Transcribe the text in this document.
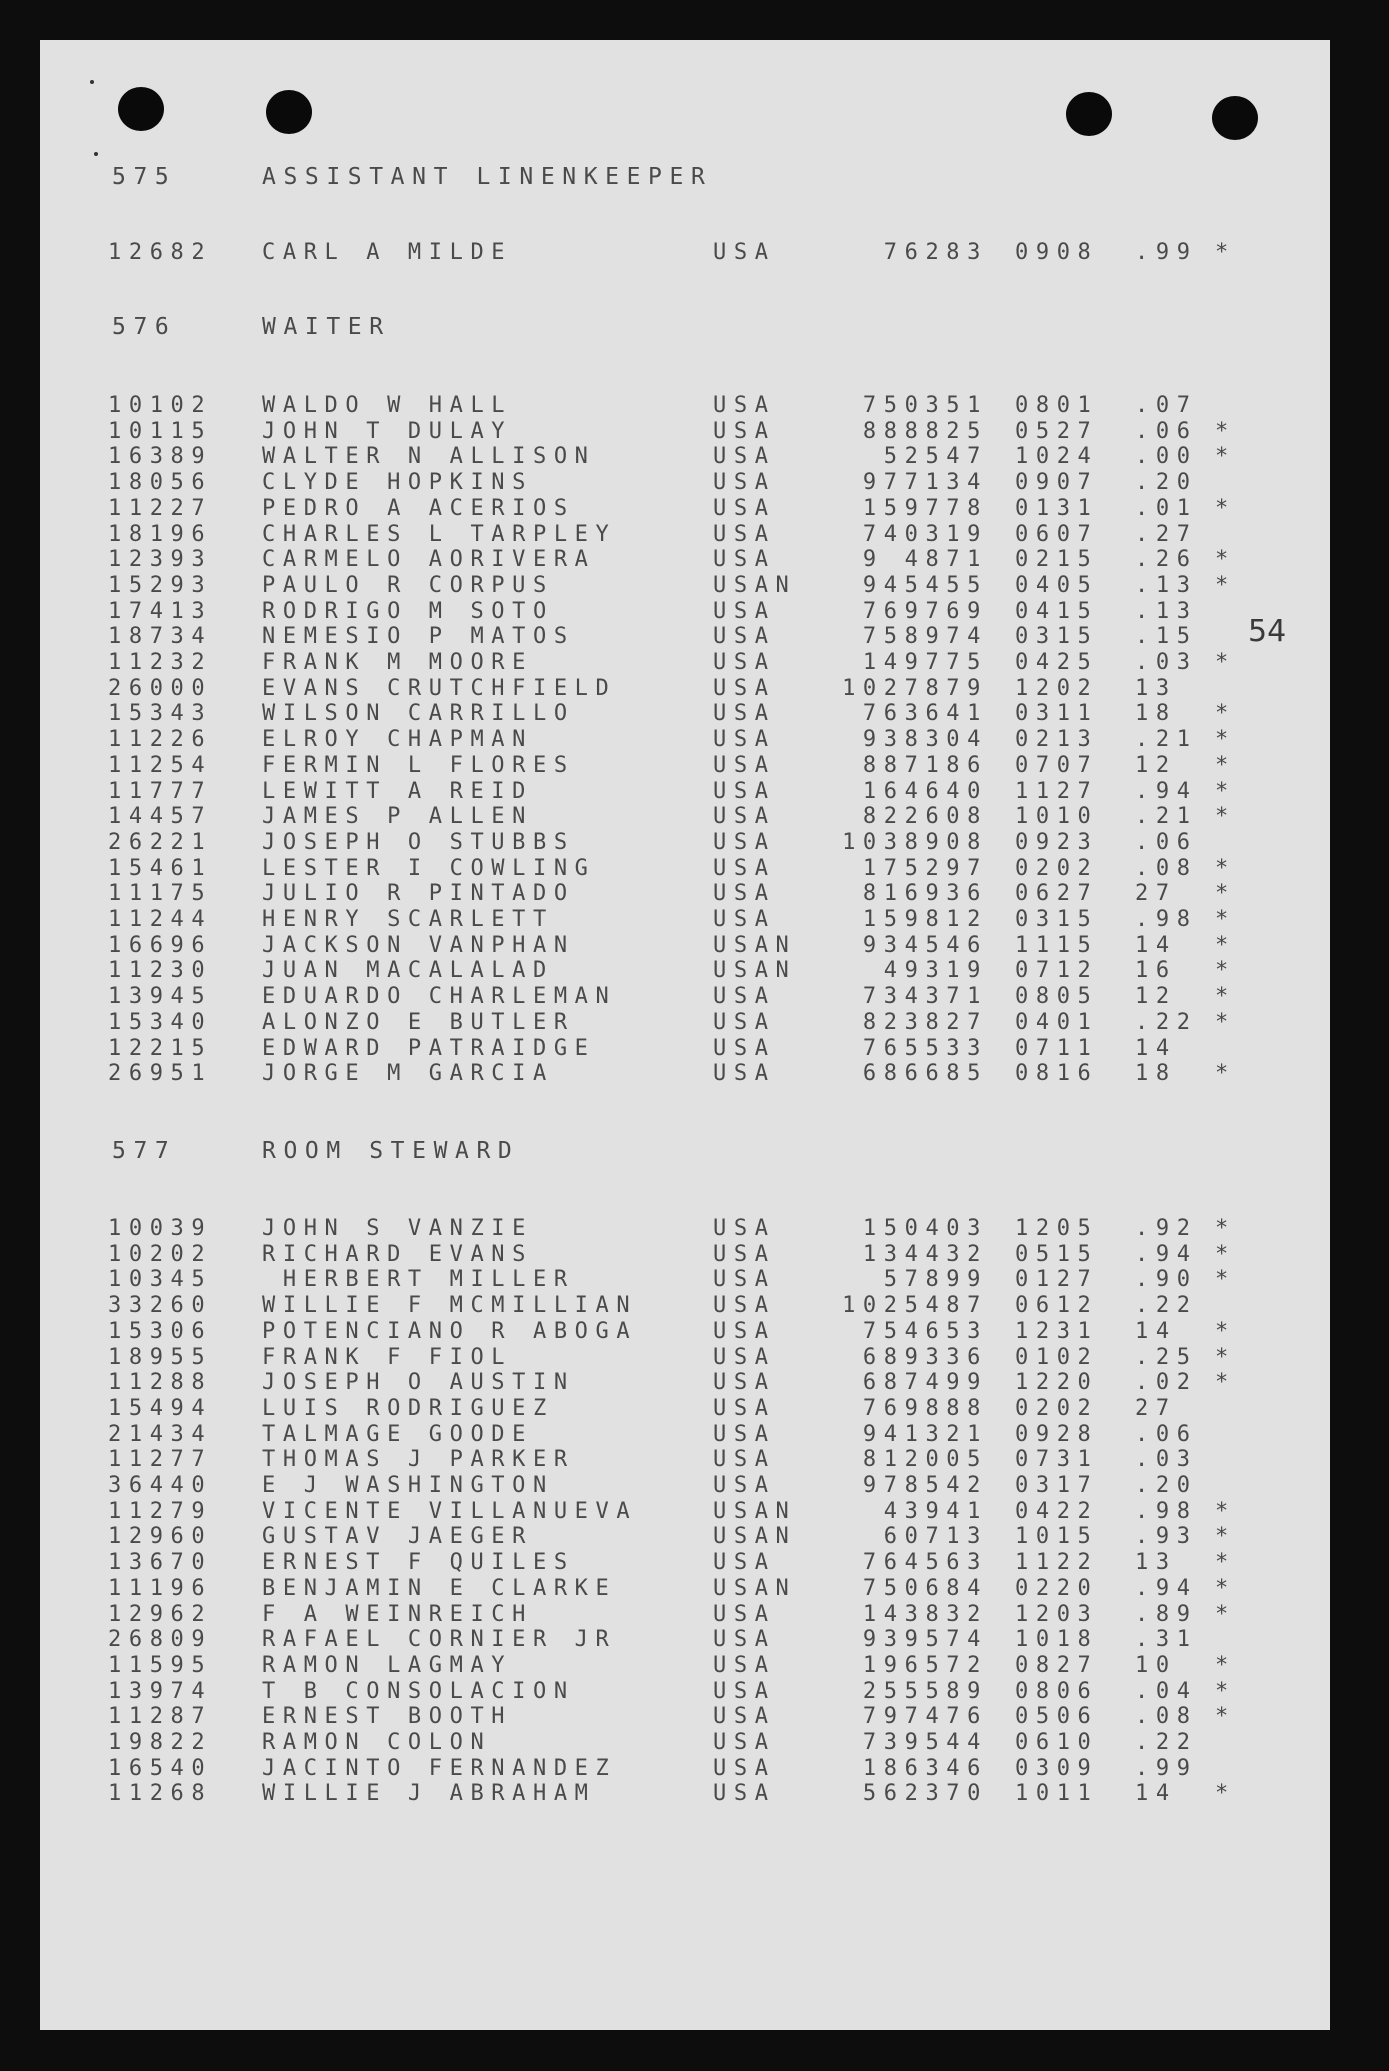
54
575	ASSISTANT LINENKEEPER
12682 CARL A MILDE	USA	76283 0908 .99 *
576	WAITER
10102 WALDO W HALL	USA	750351 0801 .07
10115 JOHN T DULAY	USA	888825 0527 .06 *
16389 WALTER N ALLISON	USA	52547 1024 .00 *
18056 CLYDE HOPKINS	USA	977134 0907 .20
11227 PEDRO A ACERIOS	USA	159778 0131 .01 *
18196 CHARLES L TARPLEY	USA	740319 0607 .27
12393 CARMELO AORIVERA	USA	9 4871 0215 .26 *
15293 PAULO R CORPUS	USAN	945455 0405 .13 *
17413 RODRIGO M SOTO	USA	769769 0415 .13
18734 NEMESIO P MATOS	USA	758974 0315 .15
11232 FRANK M MOORE	USA	149775 0425 .03 *
26000 EVANS CRUTCHFIELD	USA	1027879 1202 13
15343 WILSON CARRILLO	USA	763641 0311 18 *
11226 ELROY CHAPMAN	USA	938304 0213 .21 *
11254 FERMIN L FLORES	USA	887186 0707 12 *
11777 LEWITT A REID	USA	164640 1127 .94 *
14457 JAMES P ALLEN	USA	822608 1010 .21 *
26221 JOSEPH O STUBBS	USA	1038908 0923 .06
15461 LESTER I COWLING	USA	175297 0202 .08 *
11175 JULIO R PINTADO	USA	816936 0627 27 *
11244 HENRY SCARLETT	USA	159812 0315 .98 *
16696 JACKSON VANPHAN	USAN	934546 1115 14 *
11230 JUAN MACALALAD	USAN	49319 0712 16 *
13945 EDUARDO CHARLEMAN	USA	734371 0805 12 *
15340 ALONZO E BUTLER	USA	823827 0401 .22 *
12215 EDWARD PATRAIDGE	USA	765533 0711 14
26951 JORGE M GARCIA	USA	686685 0816 18 *
577	ROOM STEWARD
10039 JOHN S VANZIE	USA	150403 1205 .92 *
10202 RICHARD EVANS	USA	134432 0515 .94 *
10345 HERBERT MILLER	USA	57899 0127 .90 *
33260 WILLIE F MCMILLIAN	USA	1025487 0612 .22
15306 POTENCIANO R ABOGA	USA	754653 1231 14 *
18955 FRANK F FIOL	USA	689336 0102 .25 *
11288 JOSEPH O AUSTIN	USA	687499 1220 .02 *
15494 LUIS RODRIGUEZ	USA	769888 0202 27
21434 TALMAGE GOODE	USA	941321 0928 .06
11277 THOMAS J PARKER	USA	812005 0731 .03
36440 E J WASHINGTON	USA	978542 0317 .20
11279 VICENTE VILLANUEVA	USAN	43941 0422 .98 *
12960 GUSTAV JAEGER	USAN	60713 1015 .93 *
13670 ERNEST F QUILES	USA	764563 1122 13 *
11196 BENJAMIN E CLARKE	USAN	750684 0220 .94 *
12962 F A WEINREICH	USA	143832 1203 .89 *
26809 RAFAEL CORNIER JR	USA	939574 1018 .31
11595 RAMON LAGMAY	USA	196572 0827 10 *
13974 T B CONSOLACION	USA	255589 0806 .04 *
11287 ERNEST BOOTH	USA	797476 0506 .08 *
19822 RAMON COLON	USA	739544 0610 .22
16540 JACINTO FERNANDEZ	USA	186346 0309 .99
11268 WILLIE J ABRAHAM	USA	562370 1011 14 *
